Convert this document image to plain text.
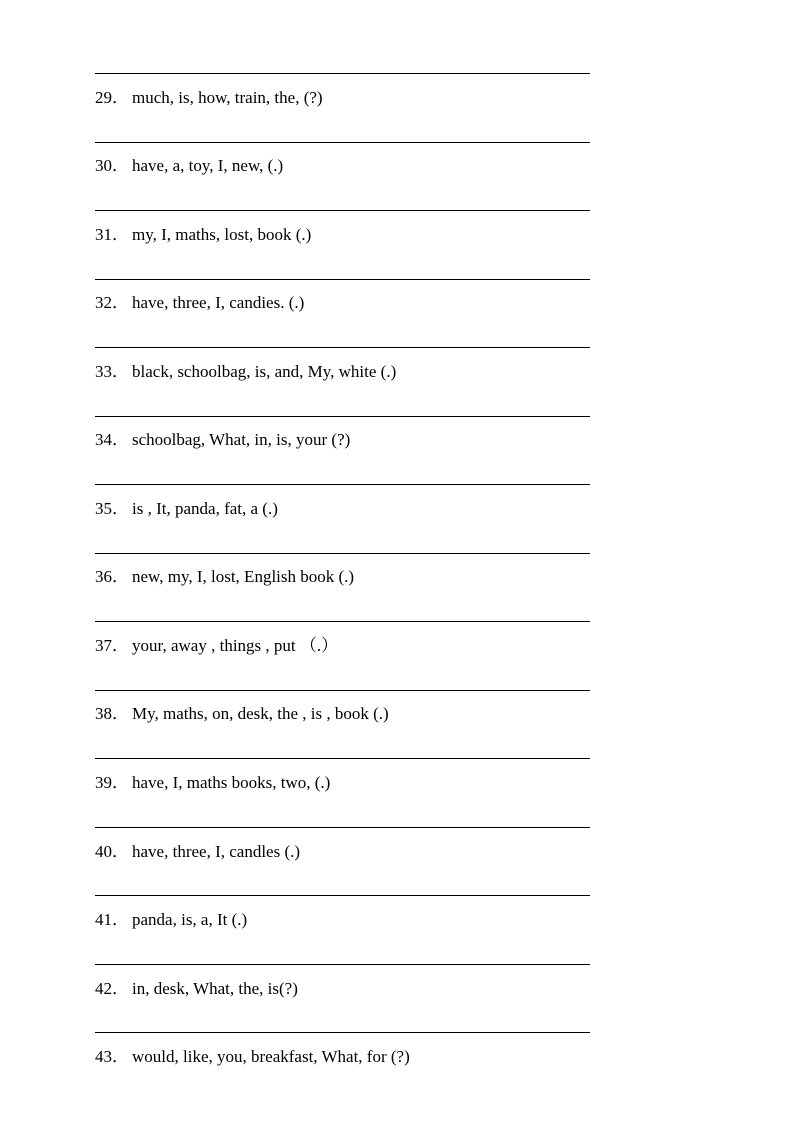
29． much, is, how, train, the, (?)
30． have, a, toy, I, new, (.)
31． my, I, maths, lost, book (.)
32． have, three, I, candies. (.)
33． black, schoolbag, is, and, My, white (.)
34． schoolbag, What, in, is, your (?)
35． is , It, panda, fat, a (.)
36． new, my, I, lost, English book (.)
37． your, away , things , put （.）
38． My, maths, on, desk, the , is , book (.)
39． have, I, maths books, two, (.)
40． have, three, I, candles (.)
41． panda, is, a, It (.)
42． in, desk, What, the, is(?)
43． would, like, you, breakfast, What, for (?)
